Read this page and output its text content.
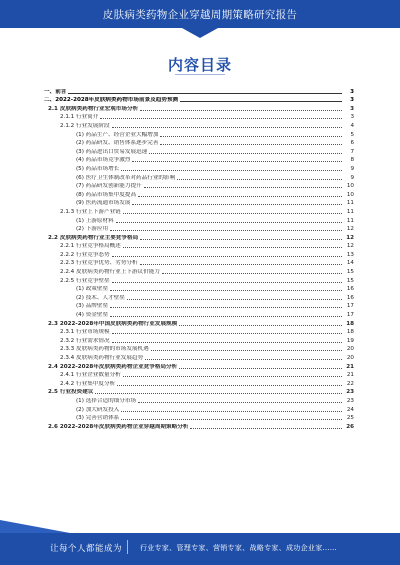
皮肤病类药物企业穿越周期策略研究报告
内容目录
一、前言	3
二、2022-2028年皮肤病类药物市场前景及趋势预测	3
2.1 皮肤病类药物行业宏观市场分析	3
2.1.1 行业简介	3
2.1.2 行业发展阶段	4
(1) 药品生产、经营企业大幅增加	5
(2) 药品研发、销售体系逐步完善	6
(3) 药品进出口贸易发展迅速	7
(4) 药品市场竞争激烈	8
(5) 药品市场增长	9
(6) 医疗卫生体制改革对药品行业的影响	9
(7) 药品研发创新能力提升	10
(8) 药品市场集中度提高	10
(9) 医药流通市场发展	11
2.1.3 行业上下游产业链	11
(1) 上游原材料	11
(2) 下游应用	12
2.2 皮肤病类药物行业主要竞争格局	12
2.2.1 行业竞争格局概述	12
2.2.2 行业竞争态势	13
2.2.3 行业竞争优势、劣势分析	14
2.2.4 皮肤病类药物行业上下游议价能力	15
2.2.5 行业竞争壁垒	15
(1) 政策壁垒	16
(2) 技术、人才壁垒	16
(3) 品牌壁垒	17
(4) 资金壁垒	17
2.3 2022-2028年中国皮肤病类药物行业发展规模	18
2.3.1 行业市场规模	18
2.3.2 行业需求情况	19
2.3.3 皮肤病类药物的市场发展机遇	20
2.3.4 皮肤病类药物行业发展趋势	20
2.4 2022-2028年皮肤病类药物企业竞争格局分析	21
2.4.1 行业企业数量分析	21
2.4.2 行业集中度分析	22
2.5 行业投资建议	23
(1) 选择合适的细分市场	23
(2) 加大研发投入	24
(3) 完善营销体系	25
2.6 2022-2028年皮肤病类药物企业穿越周期策略分析	26
让每个人都能成为	行业专家、管理专家、营销专家、战略专家、成功企业家……
